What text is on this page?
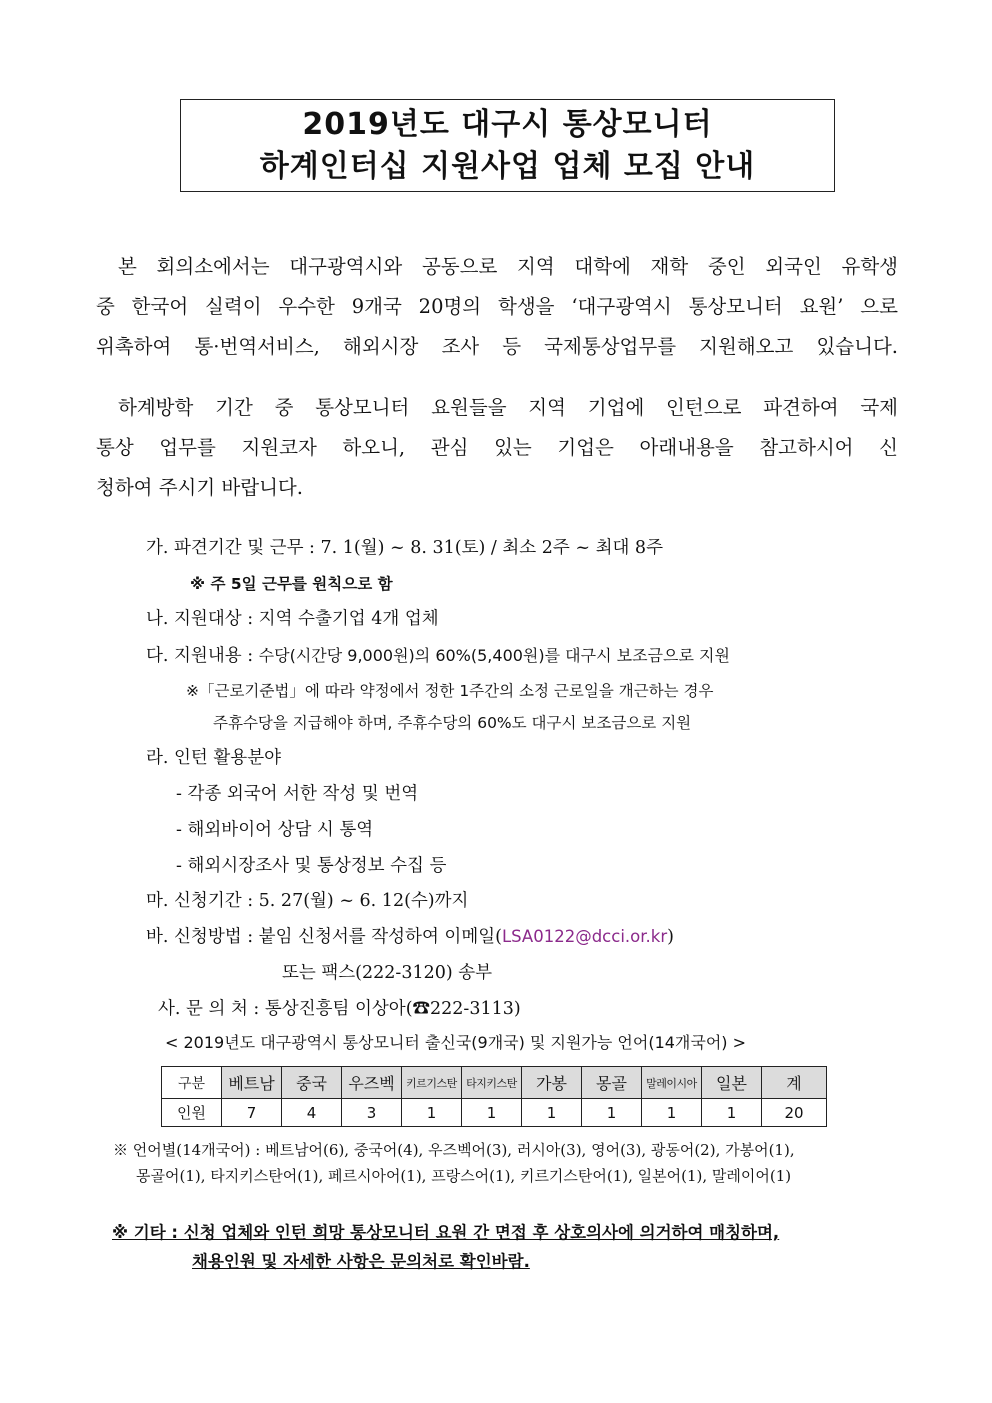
2019년도 대구시 통상모니터
하계인터십 지원사업 업체 모집 안내
본 회의소에서는 대구광역시와 공동으로 지역 대학에 재학 중인 외국인 유학생
중 한국어 실력이 우수한 9개국 20명의 학생을 ‘대구광역시 통상모니터 요원’ 으로
위촉하여 통·번역서비스, 해외시장 조사 등 국제통상업무를 지원해오고 있습니다.
하계방학 기간 중 통상모니터 요원들을 지역 기업에 인턴으로 파견하여 국제
통상 업무를 지원코자 하오니, 관심 있는 기업은 아래내용을 참고하시어 신
청하여 주시기 바랍니다.
가. 파견기간 및 근무 : 7. 1(월) ~ 8. 31(토) / 최소 2주 ~ 최대 8주
※ 주 5일 근무를 원칙으로 함
나. 지원대상 : 지역 수출기업 4개 업체
다. 지원내용 : 수당(시간당 9,000원)의 60%(5,400원)를 대구시 보조금으로 지원
※「근로기준법」에 따라 약정에서 정한 1주간의 소정 근로일을 개근하는 경우
주휴수당을 지급해야 하며, 주휴수당의 60%도 대구시 보조금으로 지원
라. 인턴 활용분야
- 각종 외국어 서한 작성 및 번역
- 해외바이어 상담 시 통역
- 해외시장조사 및 통상정보 수집 등
마. 신청기간 : 5. 27(월) ~ 6. 12(수)까지
바. 신청방법 : 붙임 신청서를 작성하여 이메일(LSA0122@dcci.or.kr)
또는 팩스(222-3120) 송부
사. 문 의 처 : 통상진흥팀 이상아(☎222-3113)
< 2019년도 대구광역시 통상모니터 출신국(9개국) 및 지원가능 언어(14개국어) >
구분	베트남	중국	우즈벡	키르기스탄	타지키스탄	가봉	몽골	말레이시아	일본	계
인원	7	4	3	1	1	1	1	1	1	20
※ 언어별(14개국어) : 베트남어(6), 중국어(4), 우즈벡어(3), 러시아(3), 영어(3), 광동어(2), 가봉어(1),
몽골어(1), 타지키스탄어(1), 페르시아어(1), 프랑스어(1), 키르기스탄어(1), 일본어(1), 말레이어(1)
※ 기타 : 신청 업체와 인턴 희망 통상모니터 요원 간 면접 후 상호의사에 의거하여 매칭하며,
채용인원 및 자세한 사항은 문의처로 확인바람.
